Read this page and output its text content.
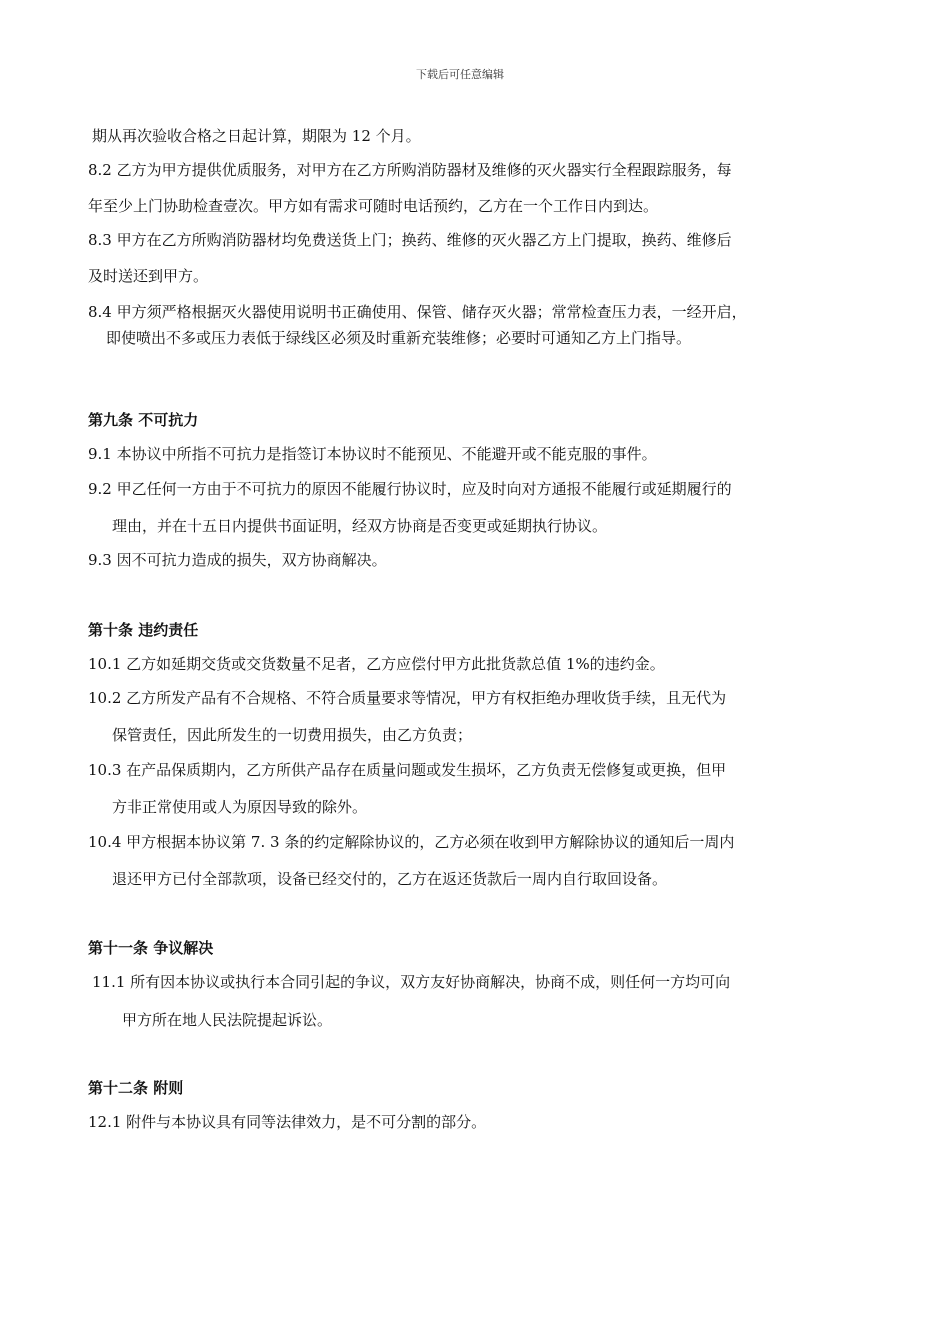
下载后可任意编辑
期从再次验收合格之日起计算，期限为 12 个月。
8.2 乙方为甲方提供优质服务，对甲方在乙方所购消防器材及维修的灭火器实行全程跟踪服务，每
年至少上门协助检查壹次。甲方如有需求可随时电话预约，乙方在一个工作日内到达。
8.3 甲方在乙方所购消防器材均免费送货上门；换药、维修的灭火器乙方上门提取，换药、维修后
及时送还到甲方。
8.4 甲方须严格根据灭火器使用说明书正确使用、保管、储存灭火器；常常检查压力表，一经开启，
即使喷出不多或压力表低于绿线区必须及时重新充装维修；必要时可通知乙方上门指导。
第九条 不可抗力
9.1 本协议中所指不可抗力是指签订本协议时不能预见、不能避开或不能克服的事件。
9.2 甲乙任何一方由于不可抗力的原因不能履行协议时，应及时向对方通报不能履行或延期履行的
理由，并在十五日内提供书面证明，经双方协商是否变更或延期执行协议。
9.3 因不可抗力造成的损失，双方协商解决。
第十条 违约责任
10.1 乙方如延期交货或交货数量不足者，乙方应偿付甲方此批货款总值 1%的违约金。
10.2 乙方所发产品有不合规格、不符合质量要求等情况，甲方有权拒绝办理收货手续，且无代为
保管责任，因此所发生的一切费用损失，由乙方负责；
10.3 在产品保质期内，乙方所供产品存在质量问题或发生损坏，乙方负责无偿修复或更换，但甲
方非正常使用或人为原因导致的除外。
10.4 甲方根据本协议第 7. 3 条的约定解除协议的，乙方必须在收到甲方解除协议的通知后一周内
退还甲方已付全部款项，设备已经交付的，乙方在返还货款后一周内自行取回设备。
第十一条 争议解决
11.1 所有因本协议或执行本合同引起的争议，双方友好协商解决，协商不成，则任何一方均可向
甲方所在地人民法院提起诉讼。
第十二条 附则
12.1 附件与本协议具有同等法律效力，是不可分割的部分。
